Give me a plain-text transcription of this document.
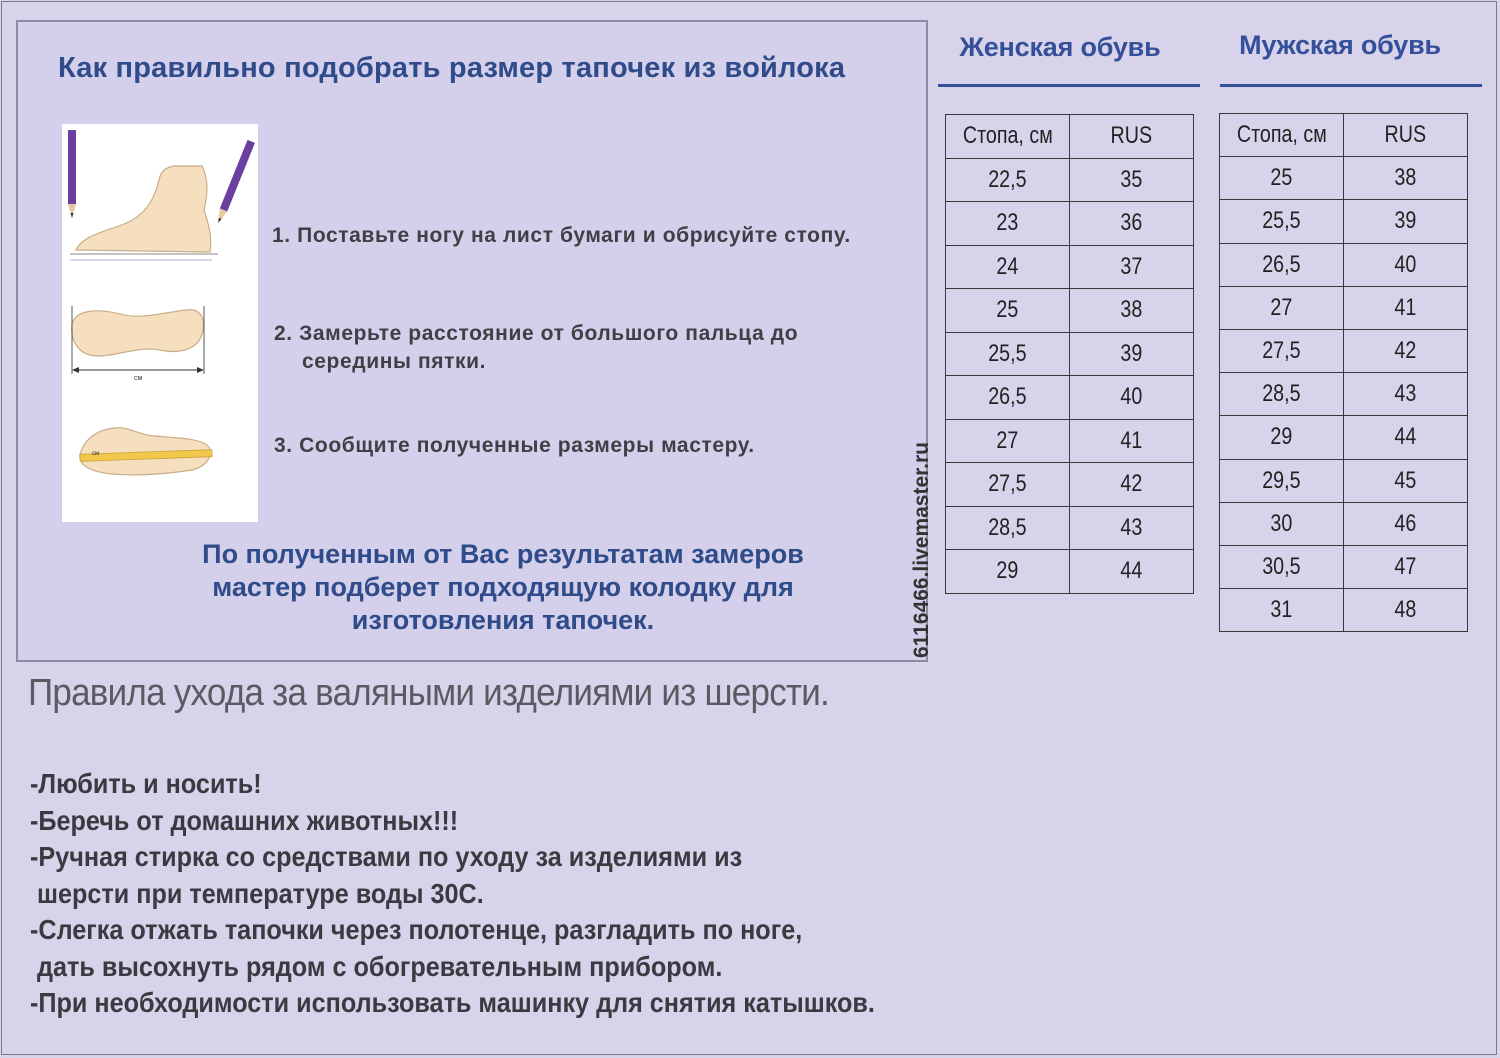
Как правильно подобрать размер тапочек из войлока
см
см
1. Поставьте ногу на лист бумаги и обрисуйте стопу.
2. Замерьте расстояние от большого пальца до
середины пятки.
3. Сообщите полученные размеры мастеру.
По полученным от Вас результатам замеров
мастер подберет подходящую колодку для
изготовления тапочек.	6116466.livemaster.ru
Женская обувь	Мужская обувь
Стопа, см	RUS
22,5	35
23	36
24	37
25	38
25,5	39
26,5	40
27	41
27,5	42
28,5	43
29	44
Стопа, см	RUS
25	38
25,5	39
26,5	40
27	41
27,5	42
28,5	43
29	44
29,5	45
30	46
30,5	47
31	48
Правила ухода за валяными изделиями из шерсти.
-Любить и носить!
-Беречь от домашних животных!!!
-Ручная стирка со средствами по уходу за изделиями из
шерсти при температуре воды 30С.
-Слегка отжать тапочки через полотенце, разгладить по ноге,
дать высохнуть рядом с обогревательным прибором.
-При необходимости использовать машинку для снятия катышков.
